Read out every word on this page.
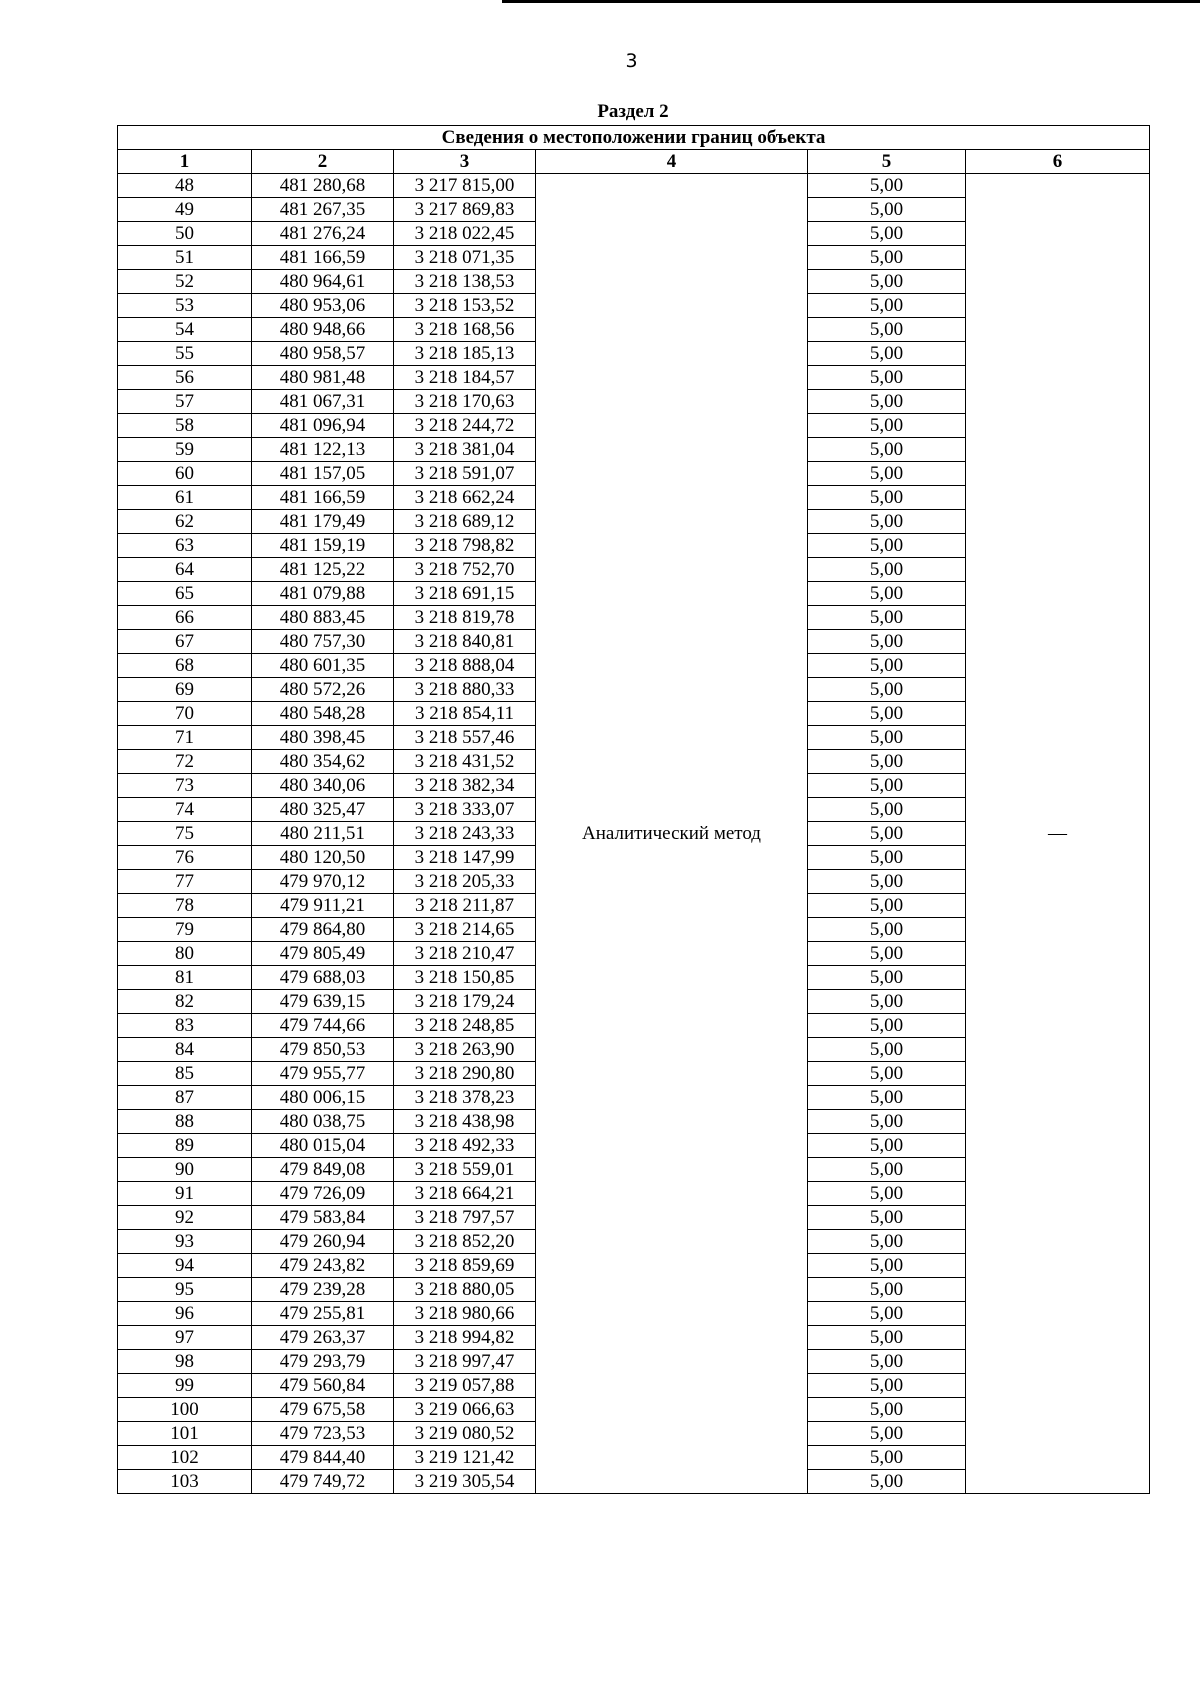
3
Раздел 2
Сведения о местоположении границ объекта					
1	2	3	4	5	6
48	481 280,68	3 217 815,00	Аналитический метод	5,00	—
49	481 267,35	3 217 869,83		5,00	
50	481 276,24	3 218 022,45		5,00	
51	481 166,59	3 218 071,35		5,00	
52	480 964,61	3 218 138,53		5,00	
53	480 953,06	3 218 153,52		5,00	
54	480 948,66	3 218 168,56		5,00	
55	480 958,57	3 218 185,13		5,00	
56	480 981,48	3 218 184,57		5,00	
57	481 067,31	3 218 170,63		5,00	
58	481 096,94	3 218 244,72		5,00	
59	481 122,13	3 218 381,04		5,00	
60	481 157,05	3 218 591,07		5,00	
61	481 166,59	3 218 662,24		5,00	
62	481 179,49	3 218 689,12		5,00	
63	481 159,19	3 218 798,82		5,00	
64	481 125,22	3 218 752,70		5,00	
65	481 079,88	3 218 691,15		5,00	
66	480 883,45	3 218 819,78		5,00	
67	480 757,30	3 218 840,81		5,00	
68	480 601,35	3 218 888,04		5,00	
69	480 572,26	3 218 880,33		5,00	
70	480 548,28	3 218 854,11		5,00	
71	480 398,45	3 218 557,46		5,00	
72	480 354,62	3 218 431,52		5,00	
73	480 340,06	3 218 382,34		5,00	
74	480 325,47	3 218 333,07		5,00	
75	480 211,51	3 218 243,33		5,00	
76	480 120,50	3 218 147,99		5,00	
77	479 970,12	3 218 205,33		5,00	
78	479 911,21	3 218 211,87		5,00	
79	479 864,80	3 218 214,65		5,00	
80	479 805,49	3 218 210,47		5,00	
81	479 688,03	3 218 150,85		5,00	
82	479 639,15	3 218 179,24		5,00	
83	479 744,66	3 218 248,85		5,00	
84	479 850,53	3 218 263,90		5,00	
85	479 955,77	3 218 290,80		5,00	
87	480 006,15	3 218 378,23		5,00	
88	480 038,75	3 218 438,98		5,00	
89	480 015,04	3 218 492,33		5,00	
90	479 849,08	3 218 559,01		5,00	
91	479 726,09	3 218 664,21		5,00	
92	479 583,84	3 218 797,57		5,00	
93	479 260,94	3 218 852,20		5,00	
94	479 243,82	3 218 859,69		5,00	
95	479 239,28	3 218 880,05		5,00	
96	479 255,81	3 218 980,66		5,00	
97	479 263,37	3 218 994,82		5,00	
98	479 293,79	3 218 997,47		5,00	
99	479 560,84	3 219 057,88		5,00	
100	479 675,58	3 219 066,63		5,00	
101	479 723,53	3 219 080,52		5,00	
102	479 844,40	3 219 121,42		5,00	
103	479 749,72	3 219 305,54		5,00	
